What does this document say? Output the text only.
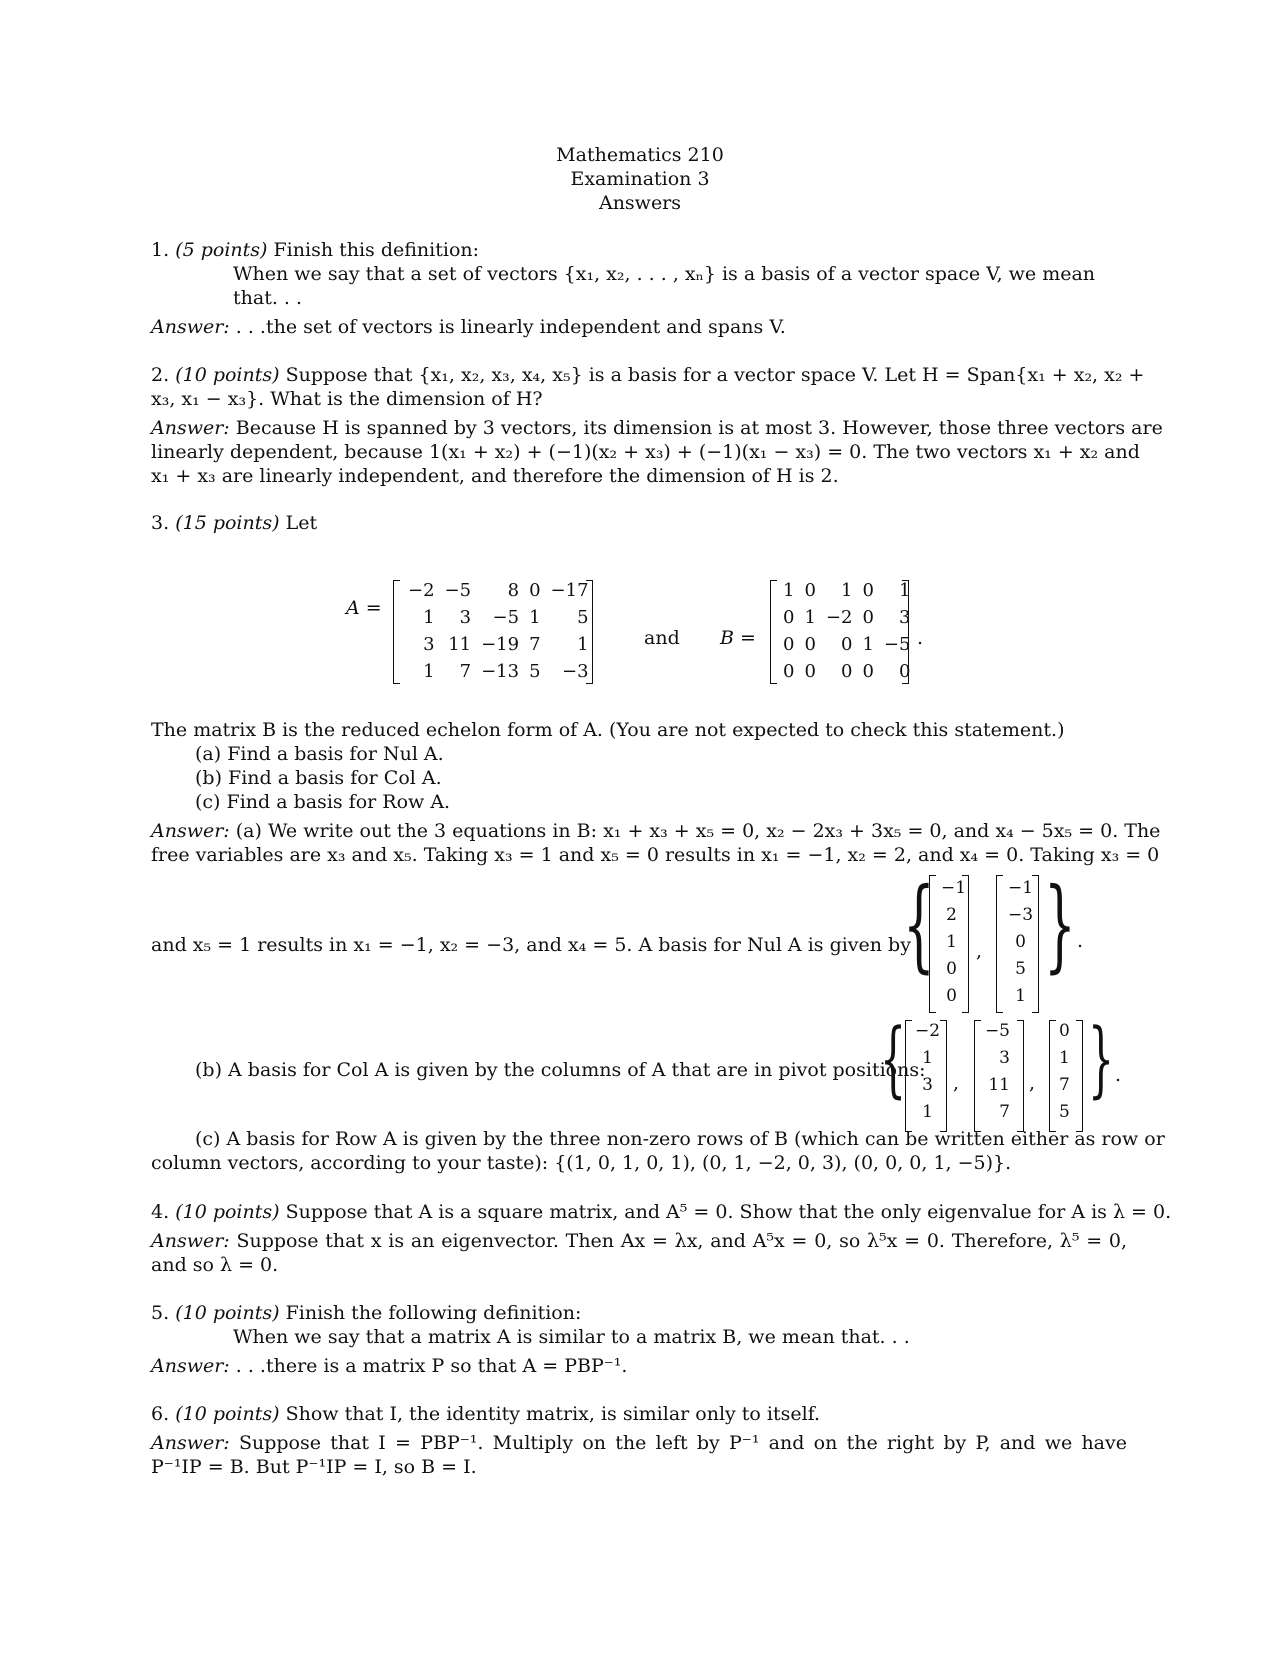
Mathematics 210
Examination 3
Answers
1. (5 points) Finish this definition:
When we say that a set of vectors {x₁, x₂, . . . , xₙ} is a basis of a vector space V, we mean
that. . .
Answer: . . .the set of vectors is linearly independent and spans V.
2. (10 points) Suppose that {x₁, x₂, x₃, x₄, x₅} is a basis for a vector space V. Let H = Span{x₁ + x₂, x₂ +
x₃, x₁ − x₃}. What is the dimension of H?
Answer: Because H is spanned by 3 vectors, its dimension is at most 3. However, those three vectors are
linearly dependent, because 1(x₁ + x₂) + (−1)(x₂ + x₃) + (−1)(x₁ − x₃) = 0. The two vectors x₁ + x₂ and
x₁ + x₃ are linearly independent, and therefore the dimension of H is 2.
3. (15 points) Let
A =
−2	−5	8	0	−17
1	3	−5	1	5
3	11	−19	7	1
1	7	−13	5	−3
and B =
1	0	1	0	1
0	1	−2	0	3
0	0	0	1	−5
0	0	0	0	0
.
The matrix B is the reduced echelon form of A. (You are not expected to check this statement.)
(a) Find a basis for Nul A.
(b) Find a basis for Col A.
(c) Find a basis for Row A.
Answer: (a) We write out the 3 equations in B: x₁ + x₃ + x₅ = 0, x₂ − 2x₃ + 3x₅ = 0, and x₄ − 5x₅ = 0. The
free variables are x₃ and x₅. Taking x₃ = 1 and x₅ = 0 results in x₁ = −1, x₂ = 2, and x₄ = 0. Taking x₃ = 0
and x₅ = 1 results in x₁ = −1, x₂ = −3, and x₄ = 5. A basis for Nul A is given by
{ −1
2
1
0
0
,
−1
−3
0
5
1
} .
(b) A basis for Col A is given by the columns of A that are in pivot positions:
{ −2
1
3
1
,
−5
3
11
7
,
0
1
7
5
} .
(c) A basis for Row A is given by the three non-zero rows of B (which can be written either as row or
column vectors, according to your taste): {(1, 0, 1, 0, 1), (0, 1, −2, 0, 3), (0, 0, 0, 1, −5)}.
4. (10 points) Suppose that A is a square matrix, and A⁵ = 0. Show that the only eigenvalue for A is λ = 0.
Answer: Suppose that x is an eigenvector. Then Ax = λx, and A⁵x = 0, so λ⁵x = 0. Therefore, λ⁵ = 0,
and so λ = 0.
5. (10 points) Finish the following definition:
When we say that a matrix A is similar to a matrix B, we mean that. . .
Answer: . . .there is a matrix P so that A = PBP⁻¹.
6. (10 points) Show that I, the identity matrix, is similar only to itself.
Answer: Suppose that I = PBP⁻¹. Multiply on the left by P⁻¹ and on the right by P, and we have
P⁻¹IP = B. But P⁻¹IP = I, so B = I.
